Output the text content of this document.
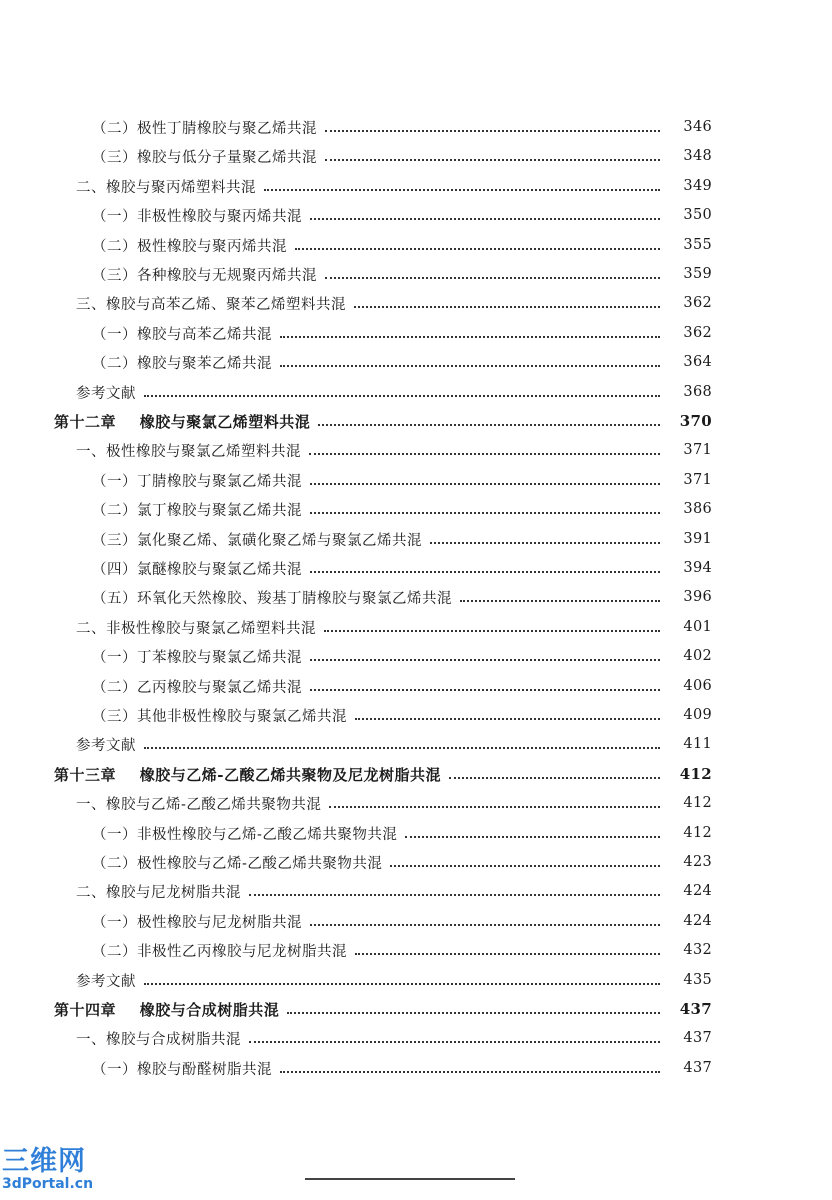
（二）极性丁腈橡胶与聚乙烯共混	346
（三）橡胶与低分子量聚乙烯共混	348
二、橡胶与聚丙烯塑料共混	349
（一）非极性橡胶与聚丙烯共混	350
（二）极性橡胶与聚丙烯共混	355
（三）各种橡胶与无规聚丙烯共混	359
三、橡胶与高苯乙烯、聚苯乙烯塑料共混	362
（一）橡胶与高苯乙烯共混	362
（二）橡胶与聚苯乙烯共混	364
参考文献	368
第十二章 橡胶与聚氯乙烯塑料共混	370
一、极性橡胶与聚氯乙烯塑料共混	371
（一）丁腈橡胶与聚氯乙烯共混	371
（二）氯丁橡胶与聚氯乙烯共混	386
（三）氯化聚乙烯、氯磺化聚乙烯与聚氯乙烯共混	391
（四）氯醚橡胶与聚氯乙烯共混	394
（五）环氧化天然橡胶、羧基丁腈橡胶与聚氯乙烯共混	396
二、非极性橡胶与聚氯乙烯塑料共混	401
（一）丁苯橡胶与聚氯乙烯共混	402
（二）乙丙橡胶与聚氯乙烯共混	406
（三）其他非极性橡胶与聚氯乙烯共混	409
参考文献	411
第十三章 橡胶与乙烯-乙酸乙烯共聚物及尼龙树脂共混	412
一、橡胶与乙烯-乙酸乙烯共聚物共混	412
（一）非极性橡胶与乙烯-乙酸乙烯共聚物共混	412
（二）极性橡胶与乙烯-乙酸乙烯共聚物共混	423
二、橡胶与尼龙树脂共混	424
（一）极性橡胶与尼龙树脂共混	424
（二）非极性乙丙橡胶与尼龙树脂共混	432
参考文献	435
第十四章 橡胶与合成树脂共混	437
一、橡胶与合成树脂共混	437
（一）橡胶与酚醛树脂共混	437
三维网
3dPortal.cn
